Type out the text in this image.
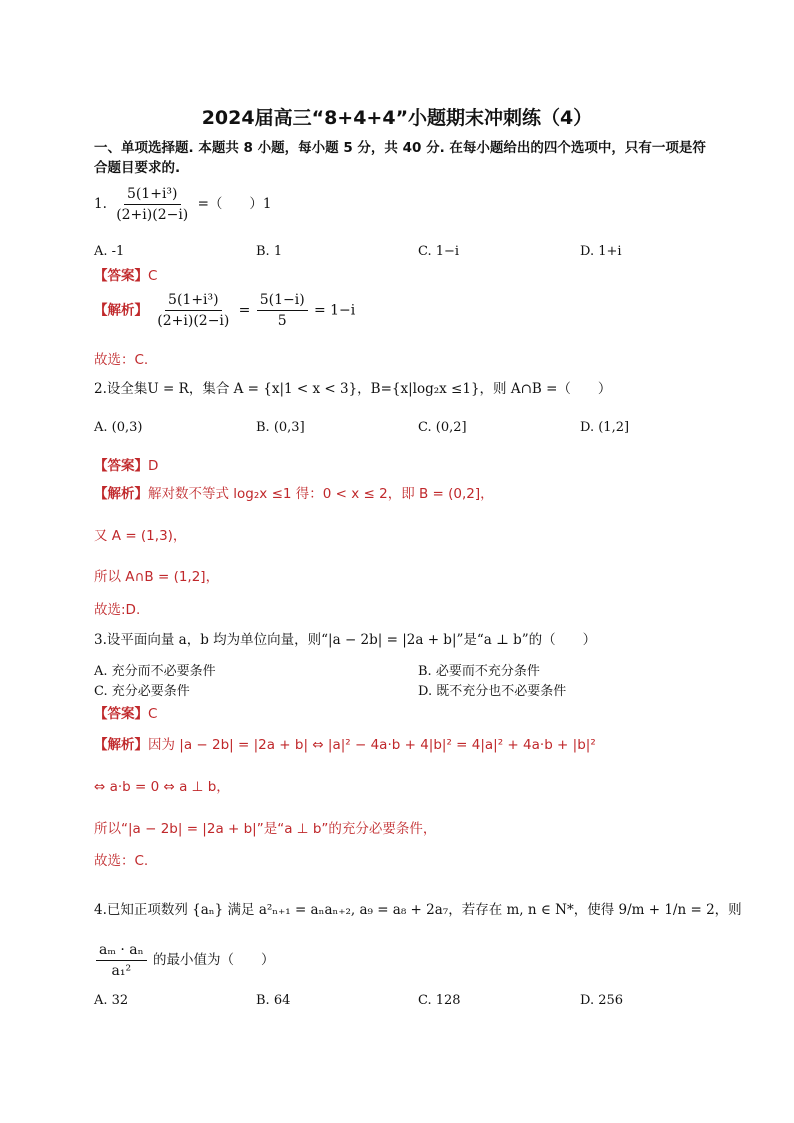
2024届高三“8+4+4”小题期末冲刺练（4）
一、单项选择题. 本题共 8 小题，每小题 5 分，共 40 分. 在每小题给出的四个选项中，只有一项是符合题目要求的.
1. $\frac{\text{5(1+i³)}}{(2+i)(2-i)}$ =（　　）1
A. -1	B. 1	C. 1−i	D. 1+i
【答案】C
【解析】 $\frac{\text{5(1+i³)}}{(2+i)(2-i)} = \frac{5(1-i)}{5} = 1-i$
故选：C.
2.设全集U = R，集合 A = {x|1 < x < 3}，B={x|log₂x ≤1}，则 A∩B =（　　）
A. (0,3)	B. (0,3]	C. (0,2]	D. (1,2]
【答案】D
【解析】解对数不等式 log₂x ≤1 得：0 < x ≤ 2，即 B = (0,2]，
又 A = (1,3)，
所以 A∩B = (1,2]，
故选:D.
3.设平面向量 a，b 均为单位向量，则“|a − 2b| = |2a + b|”是“a ⊥ b”的（　　）
A. 充分而不必要条件	B. 必要而不充分条件
C. 充分必要条件	D. 既不充分也不必要条件
【答案】C
【解析】因为 |a − 2b| = |2a + b| ⇔ |a|² − 4a·b + 4|b|² = 4|a|² + 4a·b + |b|²
⇔ a·b = 0 ⇔ a ⊥ b，
所以“|a − 2b| = |2a + b|”是“a ⊥ b”的充分必要条件，
故选：C.
4.已知正项数列 {aₙ} 满足 a²ₙ₊₁ = aₙaₙ₊₂, a₉ = a₈ + 2a₇，若存在 m, n ∈ N*，使得 9/m + 1/n = 2，则
$\frac{\text{aₘ · aₙ}}{\text{a₁²}}$ 的最小值为（　　）
A. 32	B. 64	C. 128	D. 256
